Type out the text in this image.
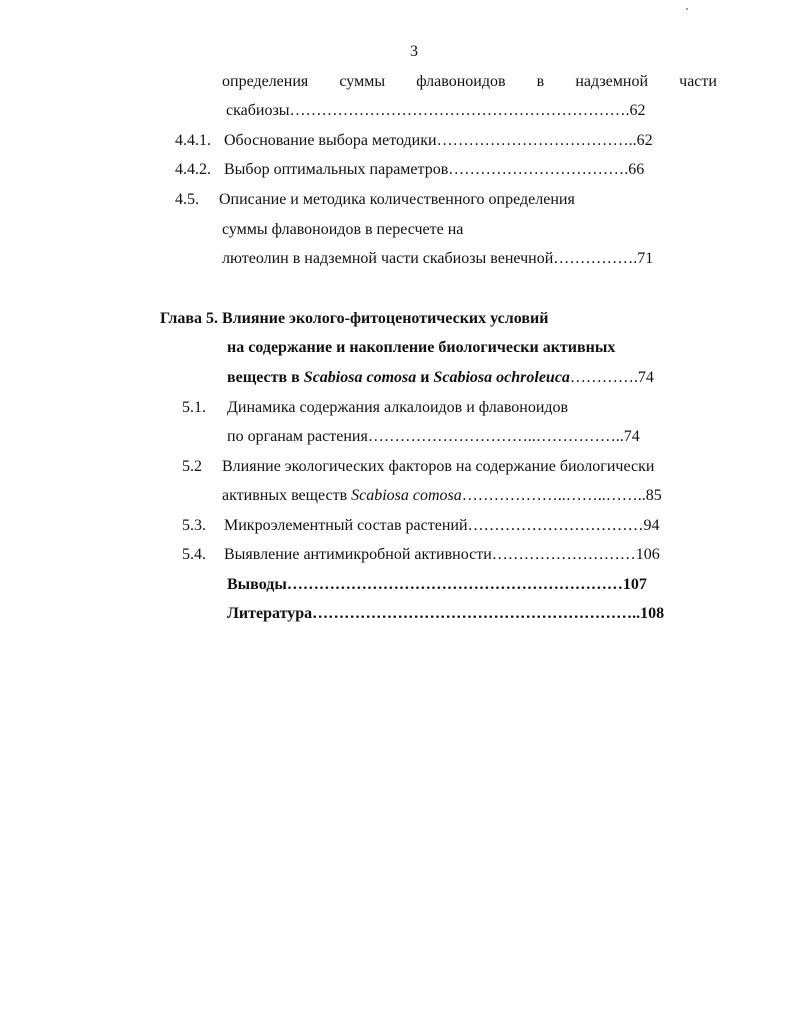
3
определения суммы флавоноидов в надземной части
скабиозы……………………………………………………….62
4.4.1. Обоснование выбора методики………………………………..62
4.4.2. Выбор оптимальных параметров…………………………….66
4.5. Описание и методика количественного определения
суммы флавоноидов в пересчете на
лютеолин в надземной части скабиозы венечной…………….71
Глава 5. Влияние эколого-фитоценотических условий
на содержание и накопление биологически активных
веществ в Scabiosa comosa и Scabiosa ochroleuca………….74
5.1. Динамика содержания алкалоидов и флавоноидов
по органам растения…………………………..……………..74
5.2 Влияние экологических факторов на содержание биологически
активных веществ Scabiosa comosa………………..……..……..85
5.3. Микроэлементный состав растений……………………………94
5.4. Выявление антимикробной активности………………………106
Выводы………………………………………………………107
Литература……………………………………………………..108
